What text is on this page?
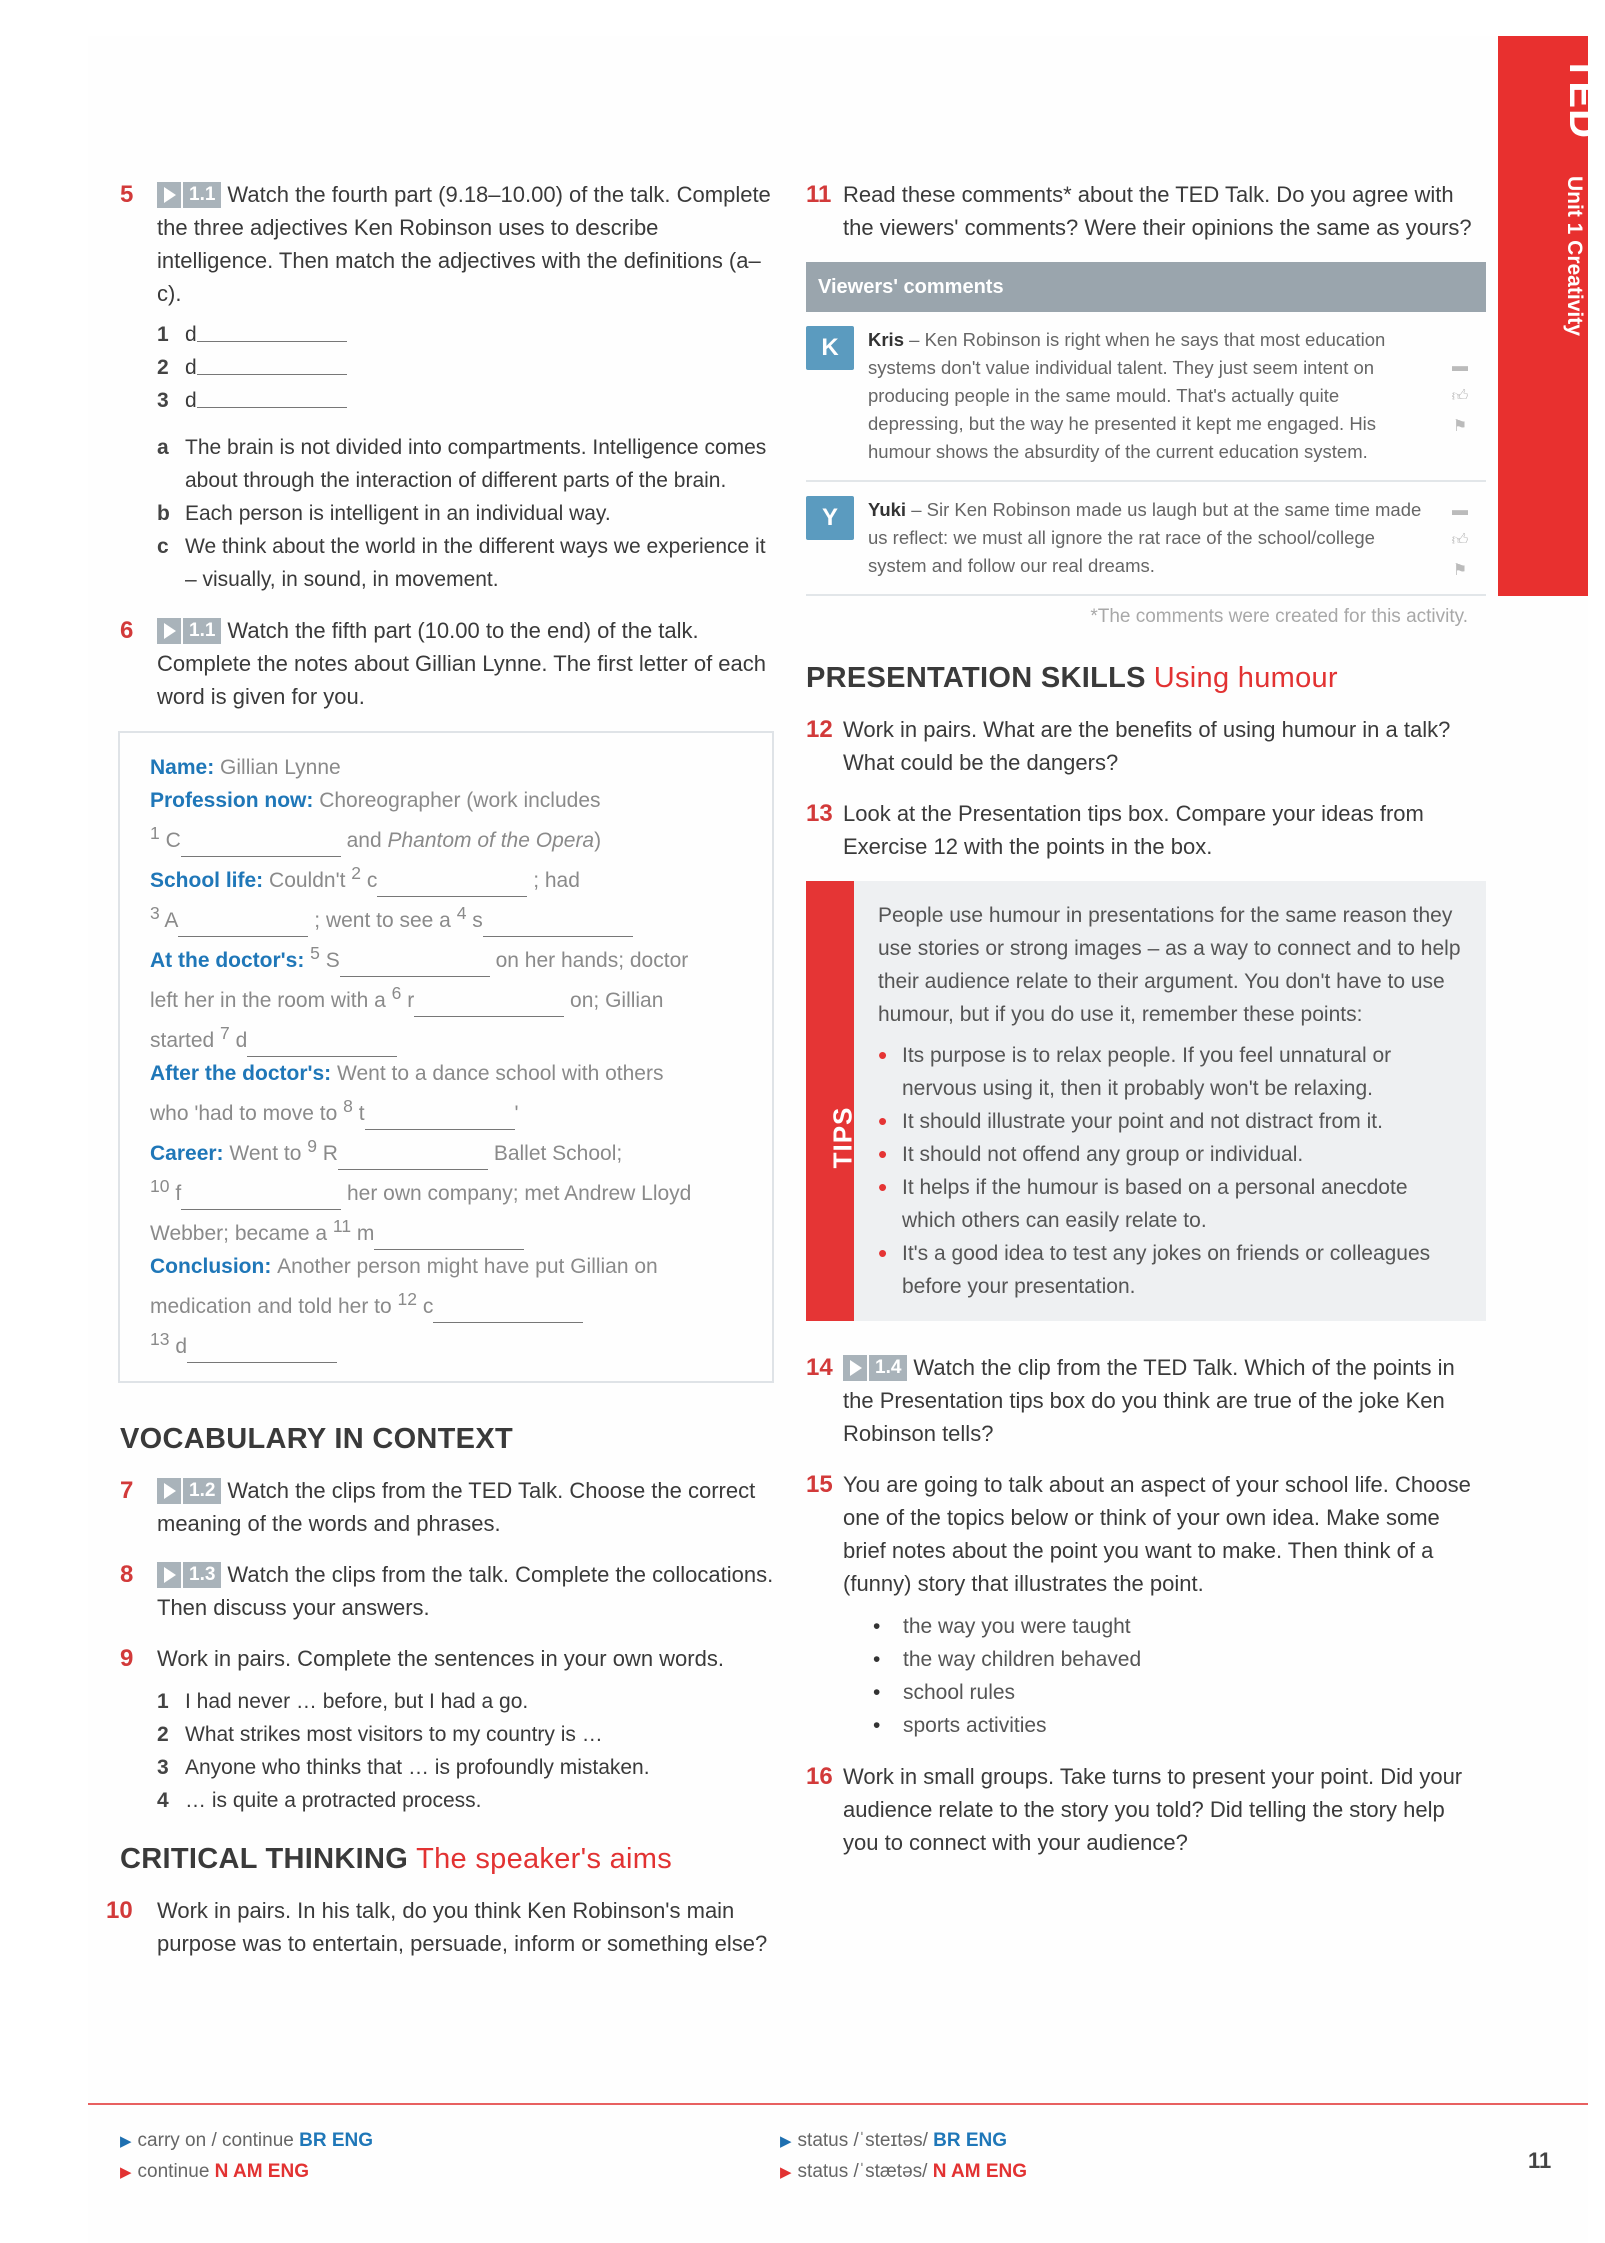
TED
Unit 1 Creativity
5	1.1 Watch the fourth part (9.18–10.00) of the talk. Complete the three adjectives Ken Robinson uses to describe intelligence. Then match the adjectives with the definitions (a–c).
1 d
2 d
3 d
a The brain is not divided into compartments. Intelligence comes about through the interaction of different parts of the brain.
b Each person is intelligent in an individual way.
c We think about the world in the different ways we experience it – visually, in sound, in movement.
6	1.1 Watch the fifth part (10.00 to the end) of the talk. Complete the notes about Gillian Lynne. The first letter of each word is given for you.
Name: Gillian Lynne
Profession now: Choreographer (work includes
$^1$ C	and Phantom of the Opera)
School life: Couldn't $^2$ c	; had
$^3$ A	; went to see a $^4$ s
At the doctor's: $^5$ S	on her hands; doctor
left her in the room with a $^6$ r	on; Gillian
started $^7$ d
After the doctor's: Went to a dance school with others
who 'had to move to $^8$ t	'
Career: Went to $^9$ R	Ballet School;
$^{10}$ f	her own company; met Andrew Lloyd
Webber; became a $^{11}$ m
Conclusion: Another person might have put Gillian on
medication and told her to $^{12}$ c
$^{13}$ d
VOCABULARY IN CONTEXT
7	1.2 Watch the clips from the TED Talk. Choose the correct meaning of the words and phrases.
8	1.3 Watch the clips from the talk. Complete the collocations. Then discuss your answers.
9 Work in pairs. Complete the sentences in your own words.
1 I had never … before, but I had a go.
2 What strikes most visitors to my country is …
3 Anyone who thinks that … is profoundly mistaken.
4 … is quite a protracted process.
CRITICAL THINKING The speaker's aims
10 Work in pairs. In his talk, do you think Ken Robinson's main purpose was to entertain, persuade, inform or something else?
11 Read these comments* about the TED Talk. Do you agree with the viewers' comments? Were their opinions the same as yours?
Viewers' comments
K	Kris – Ken Robinson is right when he says that most education systems don't value individual talent. They just seem intent on producing people in the same mould. That's actually quite depressing, but the way he presented it kept me engaged. His humour shows the absurdity of the current education system.
▬
👍︎
⚑
Y	Yuki – Sir Ken Robinson made us laugh but at the same time made us reflect: we must all ignore the rat race of the school/college system and follow our real dreams.
▬
👍︎
⚑
*The comments were created for this activity.
PRESENTATION SKILLS Using humour
12 Work in pairs. What are the benefits of using humour in a talk? What could be the dangers?
13 Look at the Presentation tips box. Compare your ideas from Exercise 12 with the points in the box.
TIPS
People use humour in presentations for the same reason they use stories or strong images – as a way to connect and to help their audience relate to their argument. You don't have to use humour, but if you do use it, remember these points:
• Its purpose is to relax people. If you feel unnatural or nervous using it, then it probably won't be relaxing.
• It should illustrate your point and not distract from it.
• It should not offend any group or individual.
• It helps if the humour is based on a personal anecdote which others can easily relate to.
• It's a good idea to test any jokes on friends or colleagues before your presentation.
14 1.4 Watch the clip from the TED Talk. Which of the points in the Presentation tips box do you think are true of the joke Ken Robinson tells?
15 You are going to talk about an aspect of your school life. Choose one of the topics below or think of your own idea. Make some brief notes about the point you want to make. Then think of a (funny) story that illustrates the point.
• the way you were taught
• the way children behaved
• school rules
• sports activities
16 Work in small groups. Take turns to present your point. Did your audience relate to the story you told? Did telling the story help you to connect with your audience?
▶ carry on / continue BR ENG
▶ continue N AM ENG
▶ status /ˈsteɪtəs/ BR ENG
▶ status /ˈstætəs/ N AM ENG	11
